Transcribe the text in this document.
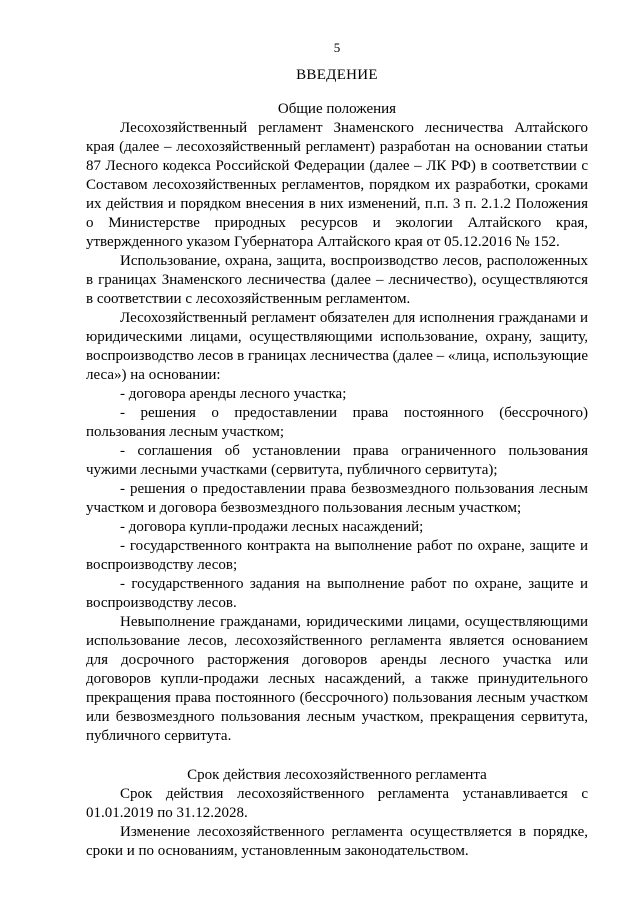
5
ВВЕДЕНИЕ
Общие положения

Лесохозяйственный регламент Знаменского лесничества Алтайского края (далее – лесохозяйственный регламент) разработан на основании статьи 87 Лесного кодекса Российской Федерации (далее – ЛК РФ) в соответствии с Составом лесохозяйственных регламентов, порядком их разработки, сроками их действия и порядком внесения в них изменений, п.п. 3 п. 2.1.2 Положения о Министерстве природных ресурсов и экологии Алтайского края, утвержденного указом Губернатора Алтайского края от 05.12.2016 № 152.

Использование, охрана, защита, воспроизводство лесов, расположенных в границах Знаменского лесничества (далее – лесничество), осуществляются в соответствии с лесохозяйственным регламентом.

Лесохозяйственный регламент обязателен для исполнения гражданами и юридическими лицами, осуществляющими использование, охрану, защиту, воспроизводство лесов в границах лесничества (далее – «лица, использующие леса») на основании:

- договора аренды лесного участка;

- решения о предоставлении права постоянного (бессрочного) пользования лесным участком;

- соглашения об установлении права ограниченного пользования чужими лесными участками (сервитута, публичного сервитута);

- решения о предоставлении права безвозмездного пользования лесным участком и договора безвозмездного пользования лесным участком;

- договора купли-продажи лесных насаждений;

- государственного контракта на выполнение работ по охране, защите и воспроизводству лесов;

- государственного задания на выполнение работ по охране, защите и воспроизводству лесов.

Невыполнение гражданами, юридическими лицами, осуществляющими использование лесов, лесохозяйственного регламента является основанием для досрочного расторжения договоров аренды лесного участка или договоров купли-продажи лесных насаждений, а также принудительного прекращения права постоянного (бессрочного) пользования лесным участком или безвозмездного пользования лесным участком, прекращения сервитута, публичного сервитута.

Срок действия лесохозяйственного регламента

Срок действия лесохозяйственного регламента устанавливается с 01.01.2019 по 31.12.2028.

Изменение лесохозяйственного регламента осуществляется в порядке, сроки и по основаниям, установленным законодательством.
